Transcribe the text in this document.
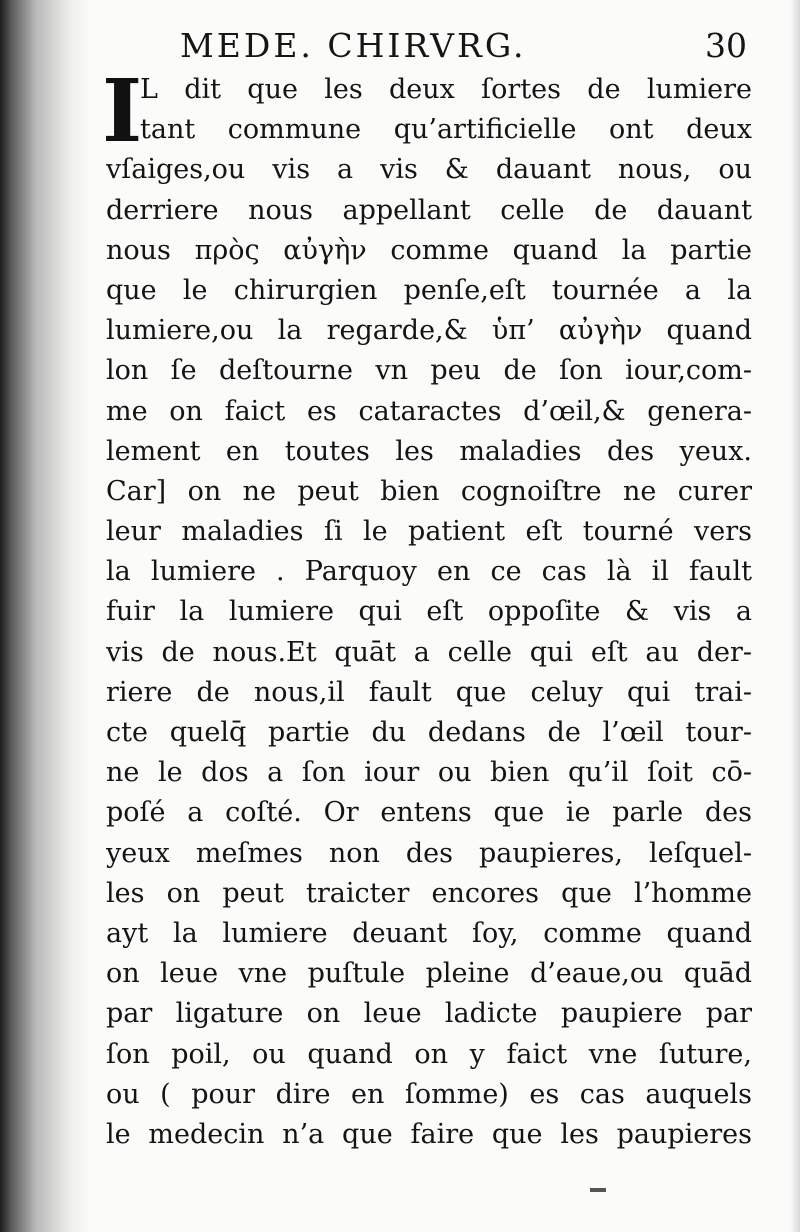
MEDE. CHIRVRG.	30
I
L dit que les deux ſortes de lumiere
tant commune qu’artificielle ont deux
vſaiges,ou vis a vis & dauant nous, ou
derriere nous appellant celle de dauant
nous πρὸς αὐγὴν comme quand la partie
que le chirurgien penſe,eſt tournée a la
lumiere,ou la regarde,& ὑπ’ αὐγὴν quand
lon ſe deſtourne vn peu de ſon iour,com-
me on faict es cataractes d’œil,& genera-
lement en toutes les maladies des yeux.
Car] on ne peut bien cognoiſtre ne curer
leur maladies ſi le patient eſt tourné vers
la lumiere . Parquoy en ce cas là il fault
fuir la lumiere qui eſt oppoſite & vis a
vis de nous.Et quāt a celle qui eſt au der-
riere de nous,il fault que celuy qui trai-
cte quelq̄ partie du dedans de l’œil tour-
ne le dos a ſon iour ou bien qu’il ſoit cō-
poſé a coſté. Or entens que ie parle des
yeux meſmes non des paupieres, leſquel-
les on peut traicter encores que l’homme
ayt la lumiere deuant ſoy, comme quand
on leue vne puſtule pleine d’eaue,ou quād
par ligature on leue ladicte paupiere par
ſon poil, ou quand on y faict vne ſuture,
ou ( pour dire en ſomme) es cas auquels
le medecin n’a que faire que les paupieres
